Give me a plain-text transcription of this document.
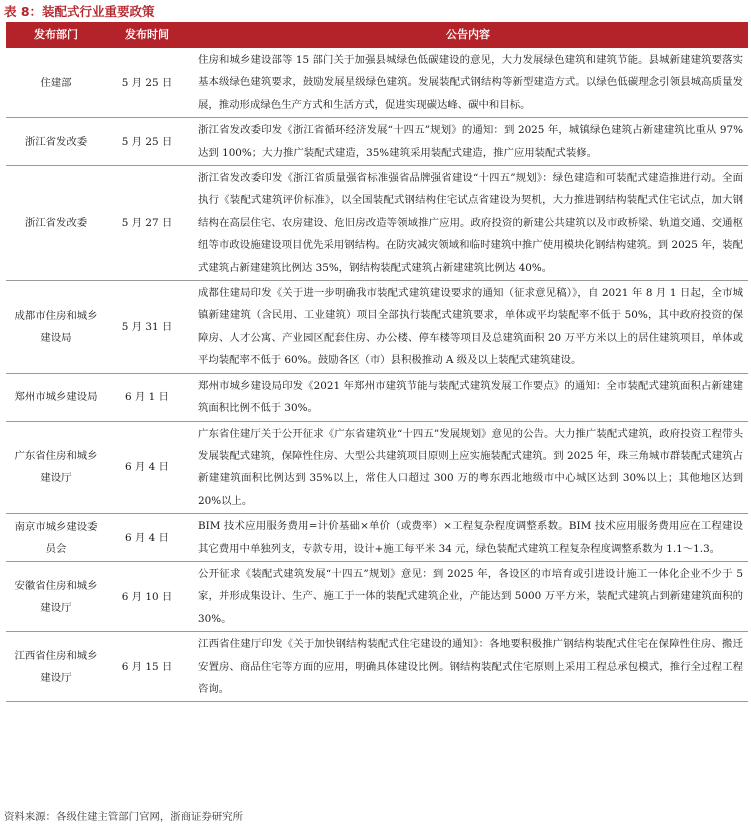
表 8：装配式行业重要政策
发布部门	发布时间	公告内容
住建部	5 月 25 日	住房和城乡建设部等 15 部门关于加强县城绿色低碳建设的意见，大力发展绿色建筑和建筑节能。县城新建建筑要落实基本级绿色建筑要求，鼓励发展星级绿色建筑。发展装配式钢结构等新型建造方式。以绿色低碳理念引领县城高质量发展，推动形成绿色生产方式和生活方式，促进实现碳达峰、碳中和目标。
浙江省发改委	5 月 25 日	浙江省发改委印发《浙江省循环经济发展“十四五”规划》的通知：到 2025 年，城镇绿色建筑占新建建筑比重从 97%达到 100%；大力推广装配式建造，35%建筑采用装配式建造，推广应用装配式装修。
浙江省发改委	5 月 27 日	浙江省发改委印发《浙江省质量强省标准强省品牌强省建设“十四五”规划》：绿色建造和可装配式建造推进行动。全面执行《装配式建筑评价标准》，以全国装配式钢结构住宅试点省建设为契机，大力推进钢结构装配式住宅试点，加大钢结构在高层住宅、农房建设、危旧房改造等领域推广应用。政府投资的新建公共建筑以及市政桥梁、轨道交通、交通枢纽等市政设施建设项目优先采用钢结构。在防灾减灾领域和临时建筑中推广使用模块化钢结构建筑。到 2025 年，装配式建筑占新建建筑比例达 35%，钢结构装配式建筑占新建建筑比例达 40%。
成都市住房和城乡建设局	5 月 31 日	成都住建局印发《关于进一步明确我市装配式建筑建设要求的通知（征求意见稿）》，自 2021 年 8 月 1 日起，全市城镇新建建筑（含民用、工业建筑）项目全部执行装配式建筑要求，单体或平均装配率不低于 50%，其中政府投资的保障房、人才公寓、产业园区配套住房、办公楼、停车楼等项目及总建筑面积 20 万平方米以上的居住建筑项目，单体或平均装配率不低于 60%。鼓励各区（市）县积极推动 A 级及以上装配式建筑建设。
郑州市城乡建设局	6 月 1 日	郑州市城乡建设局印发《2021 年郑州市建筑节能与装配式建筑发展工作要点》的通知：全市装配式建筑面积占新建建筑面积比例不低于 30%。
广东省住房和城乡建设厅	6 月 4 日	广东省住建厅关于公开征求《广东省建筑业“十四五”发展规划》意见的公告。大力推广装配式建筑，政府投资工程带头发展装配式建筑，保障性住房、大型公共建筑项目原则上应实施装配式建筑。到 2025 年，珠三角城市群装配式建筑占新建建筑面积比例达到 35%以上，常住人口超过 300 万的粤东西北地级市中心城区达到 30%以上；其他地区达到 20%以上。
南京市城乡建设委员会	6 月 4 日	BIM 技术应用服务费用=计价基础×单价（或费率）×工程复杂程度调整系数。BIM 技术应用服务费用应在工程建设其它费用中单独列支，专款专用，设计+施工每平米 34 元，绿色装配式建筑工程复杂程度调整系数为 1.1～1.3。
安徽省住房和城乡建设厅	6 月 10 日	公开征求《装配式建筑发展“十四五”规划》意见：到 2025 年，各设区的市培育或引进设计施工一体化企业不少于 5 家，并形成集设计、生产、施工于一体的装配式建筑企业，产能达到 5000 万平方米，装配式建筑占到新建建筑面积的 30%。
江西省住房和城乡建设厅	6 月 15 日	江西省住建厅印发《关于加快钢结构装配式住宅建设的通知》：各地要积极推广钢结构装配式住宅在保障性住房、搬迁安置房、商品住宅等方面的应用，明确具体建设比例。钢结构装配式住宅原则上采用工程总承包模式，推行全过程工程咨询。
资料来源：各级住建主管部门官网，浙商证券研究所
